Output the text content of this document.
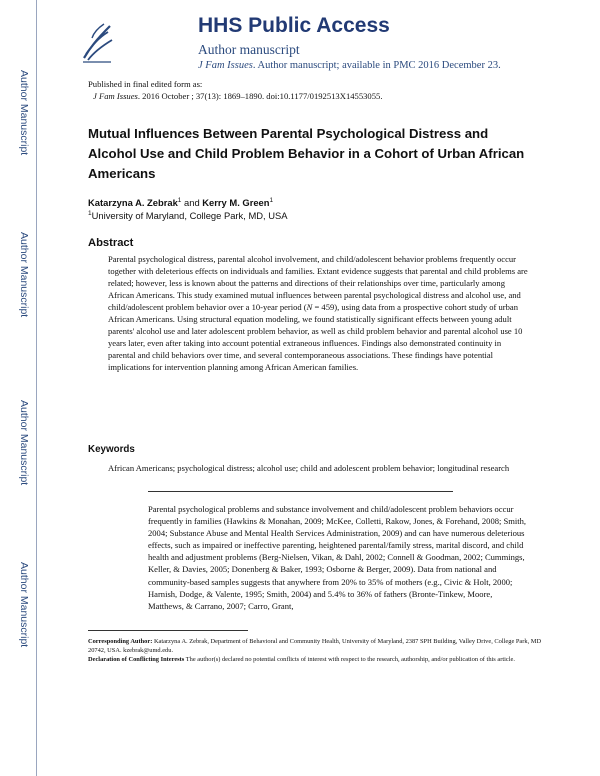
Author Manuscript
Author Manuscript
Author Manuscript
Author Manuscript
HHS Public Access
Author manuscript
J Fam Issues. Author manuscript; available in PMC 2016 December 23.
Published in final edited form as:
J Fam Issues. 2016 October ; 37(13): 1869–1890. doi:10.1177/0192513X14553055.
Mutual Influences Between Parental Psychological Distress and Alcohol Use and Child Problem Behavior in a Cohort of Urban African Americans
Katarzyna A. Zebrak$^1$ and Kerry M. Green$^1$
$^1$University of Maryland, College Park, MD, USA
Abstract
Parental psychological distress, parental alcohol involvement, and child/adolescent behavior problems frequently occur together with deleterious effects on individuals and families. Extant evidence suggests that parental and child problems are related; however, less is known about the patterns and directions of their relationships over time, particularly among African Americans. This study examined mutual influences between parental psychological distress and alcohol use, and child/adolescent problem behavior over a 10-year period (N = 459), using data from a prospective cohort study of urban African Americans. Using structural equation modeling, we found statistically significant effects between young adult parents' alcohol use and later adolescent problem behavior, as well as child problem behavior and parental alcohol use 10 years later, even after taking into account potential extraneous influences. Findings also demonstrated continuity in parental and child behaviors over time, and several contemporaneous associations. These findings have potential implications for intervention planning among African American families.
Keywords
African Americans; psychological distress; alcohol use; child and adolescent problem behavior; longitudinal research
Parental psychological problems and substance involvement and child/adolescent problem behaviors occur frequently in families (Hawkins & Monahan, 2009; McKee, Colletti, Rakow, Jones, & Forehand, 2008; Smith, 2004; Substance Abuse and Mental Health Services Administration, 2009) and can have numerous deleterious effects, such as impaired or ineffective parenting, heightened parental/family stress, marital discord, and child health and adjustment problems (Berg-Nielsen, Vikan, & Dahl, 2002; Connell & Goodman, 2002; Cummings, Keller, & Davies, 2005; Donenberg & Baker, 1993; Osborne & Berger, 2009). Data from national and community-based samples suggests that anywhere from 20% to 35% of mothers (e.g., Civic & Holt, 2000; Harnish, Dodge, & Valente, 1995; Smith, 2004) and 5.4% to 36% of fathers (Bronte-Tinkew, Moore, Matthews, & Carrano, 2007; Carro, Grant,
Corresponding Author: Katarzyna A. Zebrak, Department of Behavioral and Community Health, University of Maryland, 2387 SPH Building, Valley Drive, College Park, MD 20742, USA. kzebrak@umd.edu.
Declaration of Conflicting Interests The author(s) declared no potential conflicts of interest with respect to the research, authorship, and/or publication of this article.
